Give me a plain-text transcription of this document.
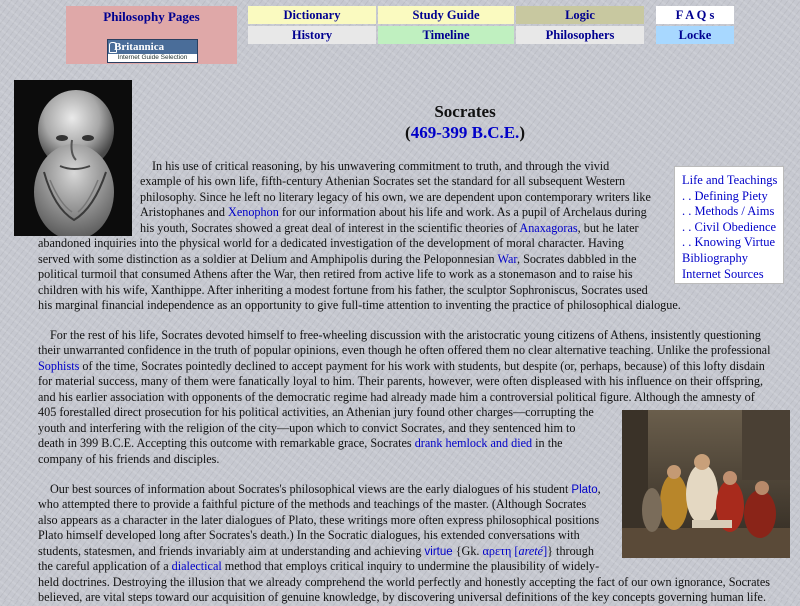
Philosophy Pages
Britannica
Internet Guide Selection
Dictionary	Study Guide	Logic	F A Q s
History	Timeline	Philosophers	Locke
Socrates
(469-399 B.C.E.)
Life and Teachings
. . Defining Piety
. . Methods / Aims
. . Civil Obedience
. . Knowing Virtue
Bibliography
Internet Sources
In his use of critical reasoning, by his unwavering commitment to truth, and through the vivid
example of his own life, fifth-century Athenian Socrates set the standard for all subsequent Western
philosophy. Since he left no literary legacy of his own, we are dependent upon contemporary writers like
Aristophanes and Xenophon for our information about his life and work. As a pupil of Archelaus during
his youth, Socrates showed a great deal of interest in the scientific theories of Anaxagoras, but he later
abandoned inquiries into the physical world for a dedicated investigation of the development of moral character. Having
served with some distinction as a soldier at Delium and Amphipolis during the Peloponnesian War, Socrates dabbled in the
political turmoil that consumed Athens after the War, then retired from active life to work as a stonemason and to raise his
children with his wife, Xanthippe. After inheriting a modest fortune from his father, the sculptor Sophroniscus, Socrates used
his marginal financial independence as an opportunity to give full-time attention to inventing the practice of philosophical dialogue.
For the rest of his life, Socrates devoted himself to free-wheeling discussion with the aristocratic young citizens of Athens, insistently questioning
their unwarranted confidence in the truth of popular opinions, even though he often offered them no clear alternative teaching. Unlike the professional
Sophists of the time, Socrates pointedly declined to accept payment for his work with students, but despite (or, perhaps, because) of this lofty disdain
for material success, many of them were fanatically loyal to him. Their parents, however, were often displeased with his influence on their offspring,
and his earlier association with opponents of the democratic regime had already made him a controversial political figure. Although the amnesty of
405 forestalled direct prosecution for his political activities, an Athenian jury found other charges—corrupting the
youth and interfering with the religion of the city—upon which to convict Socrates, and they sentenced him to
death in 399 B.C.E. Accepting this outcome with remarkable grace, Socrates drank hemlock and died in the
company of his friends and disciples.
Our best sources of information about Socrates's philosophical views are the early dialogues of his student Plato,
who attempted there to provide a faithful picture of the methods and teachings of the master. (Although Socrates
also appears as a character in the later dialogues of Plato, these writings more often express philosophical positions
Plato himself developed long after Socrates's death.) In the Socratic dialogues, his extended conversations with
students, statesmen, and friends invariably aim at understanding and achieving virtue {Gk. αρετη [areté]} through
the careful application of a dialectical method that employs critical inquiry to undermine the plausibility of widely-
held doctrines. Destroying the illusion that we already comprehend the world perfectly and honestly accepting the fact of our own ignorance, Socrates
believed, are vital steps toward our acquisition of genuine knowledge, by discovering universal definitions of the key concepts governing human life.
